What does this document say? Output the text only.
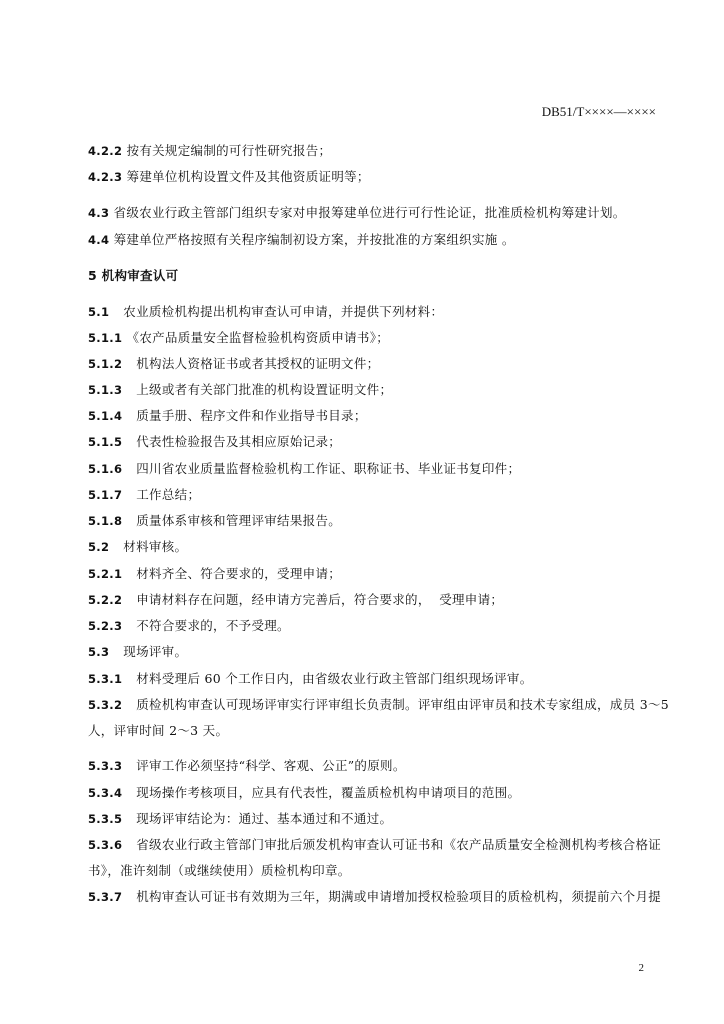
DB51/T××××—××××
4.2.2 按有关规定编制的可行性研究报告；
4.2.3 筹建单位机构设置文件及其他资质证明等；
4.3 省级农业行政主管部门组织专家对申报筹建单位进行可行性论证，批准质检机构筹建计划。
4.4 筹建单位严格按照有关程序编制初设方案，并按批准的方案组织实施 。
5 机构审查认可
5.1 农业质检机构提出机构审查认可申请，并提供下列材料：
5.1.1 《农产品质量安全监督检验机构资质申请书》；
5.1.2 机构法人资格证书或者其授权的证明文件；
5.1.3 上级或者有关部门批准的机构设置证明文件；
5.1.4 质量手册、程序文件和作业指导书目录；
5.1.5 代表性检验报告及其相应原始记录；
5.1.6 四川省农业质量监督检验机构工作证、职称证书、毕业证书复印件；
5.1.7 工作总结；
5.1.8 质量体系审核和管理评审结果报告。
5.2 材料审核。
5.2.1 材料齐全、符合要求的，受理申请；
5.2.2 申请材料存在问题，经申请方完善后，符合要求的，  受理申请；
5.2.3 不符合要求的，不予受理。
5.3 现场评审。
5.3.1 材料受理后 60 个工作日内，由省级农业行政主管部门组织现场评审。
5.3.2 质检机构审查认可现场评审实行评审组长负责制。评审组由评审员和技术专家组成，成员 3～5
人，评审时间 2～3 天。
5.3.3 评审工作必须坚持“科学、客观、公正”的原则。
5.3.4 现场操作考核项目，应具有代表性，覆盖质检机构申请项目的范围。
5.3.5 现场评审结论为：通过、基本通过和不通过。
5.3.6 省级农业行政主管部门审批后颁发机构审查认可证书和《农产品质量安全检测机构考核合格证
书》，准许刻制（或继续使用）质检机构印章。
5.3.7 机构审查认可证书有效期为三年，期满或申请增加授权检验项目的质检机构，须提前六个月提
2
